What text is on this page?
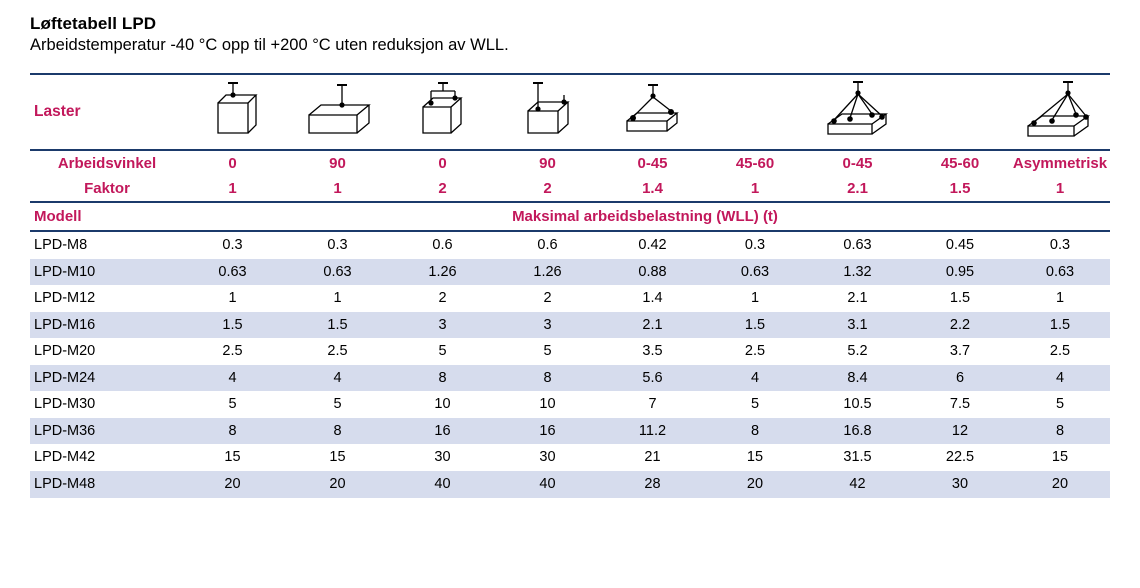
Løftetabell LPD

Arbeidstemperatur -40 °C opp til +200 °C uten reduksjon av WLL.

Laster									
Arbeidsvinkel	0	90	0	90	0-45	45-60	0-45	45-60	Asymmetrisk
Faktor	1	1	2	2	1.4	1	2.1	1.5	1
Modell	Maksimal arbeidsbelastning (WLL) (t)								
LPD-M8	0.3	0.3	0.6	0.6	0.42	0.3	0.63	0.45	0.3
LPD-M10	0.63	0.63	1.26	1.26	0.88	0.63	1.32	0.95	0.63
LPD-M12	1	1	2	2	1.4	1	2.1	1.5	1
LPD-M16	1.5	1.5	3	3	2.1	1.5	3.1	2.2	1.5
LPD-M20	2.5	2.5	5	5	3.5	2.5	5.2	3.7	2.5
LPD-M24	4	4	8	8	5.6	4	8.4	6	4
LPD-M30	5	5	10	10	7	5	10.5	7.5	5
LPD-M36	8	8	16	16	11.2	8	16.8	12	8
LPD-M42	15	15	30	30	21	15	31.5	22.5	15
LPD-M48	20	20	40	40	28	20	42	30	20
